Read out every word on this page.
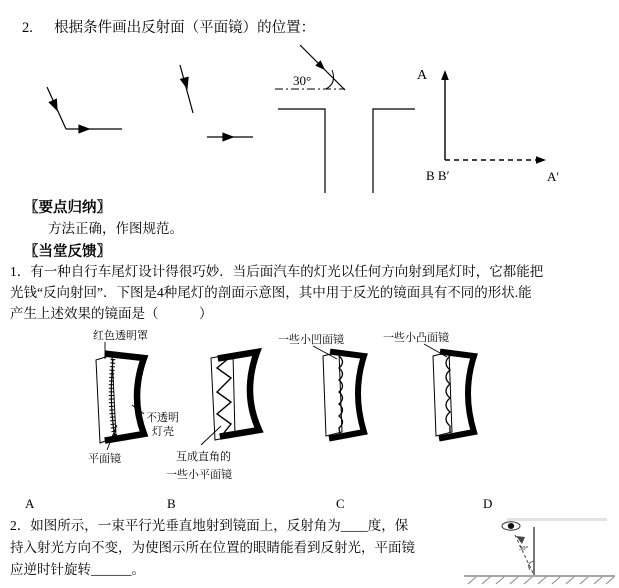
2. 根据条件画出反射面（平面镜）的位置：
30°	A
B B′	A′
〖要点归纳〗
方法正确，作图规范。
〖当堂反馈〗
1．有一种自行车尾灯设计得很巧妙．当后面汽车的灯光以任何方向射到尾灯时，它都能把
光钱“反向射回”．下图是4种尾灯的剖面示意图，其中用于反光的镜面具有不同的形状.能
产生上述效果的镜面是（　　　）
红色透明罩
不透明
灯壳
平面镜	互成直角的
一些小平面镜
一些小凹面镜	一些小凸面镜
A	B	C	D
2．如图所示，一束平行光垂直地射到镜面上，反射角为____度，保
持入射光方向不变，为使图示所在位置的眼睛能看到反射光，平面镜
应逆时针旋转______。
30°
